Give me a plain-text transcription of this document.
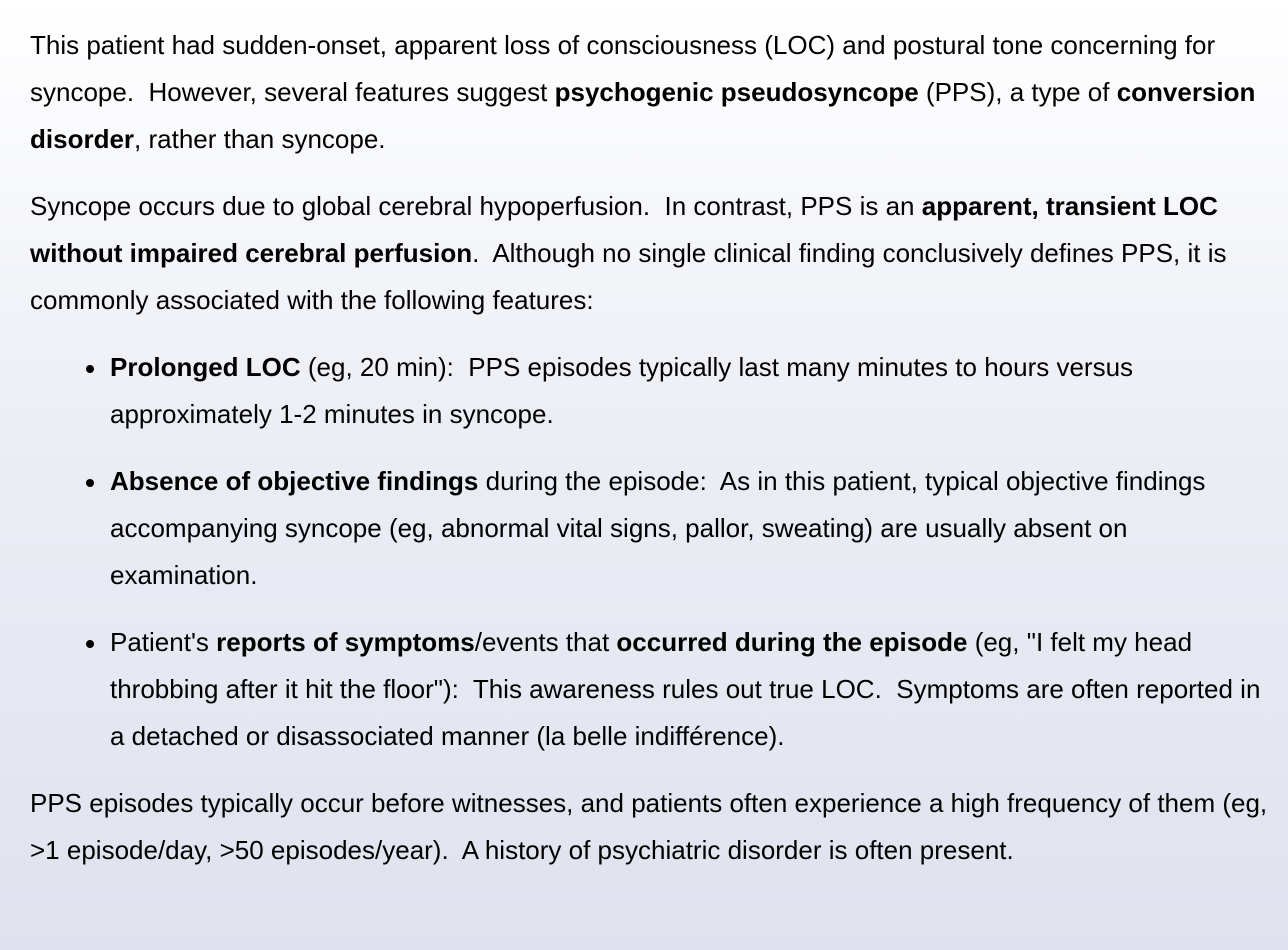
This patient had sudden-onset, apparent loss of consciousness (LOC) and postural tone concerning for syncope.  However, several features suggest psychogenic pseudosyncope (PPS), a type of conversion disorder, rather than syncope.

Syncope occurs due to global cerebral hypoperfusion.  In contrast, PPS is an apparent, transient LOC without impaired cerebral perfusion.  Although no single clinical finding conclusively defines PPS, it is commonly associated with the following features:

Prolonged LOC (eg, 20 min):  PPS episodes typically last many minutes to hours versus approximately 1-2 minutes in syncope.
Absence of objective findings during the episode:  As in this patient, typical objective findings accompanying syncope (eg, abnormal vital signs, pallor, sweating) are usually absent on examination.
Patient's reports of symptoms/events that occurred during the episode (eg, "I felt my head throbbing after it hit the floor"):  This awareness rules out true LOC.  Symptoms are often reported in a detached or disassociated manner (la belle indifférence).

PPS episodes typically occur before witnesses, and patients often experience a high frequency of them (eg, >1 episode/day, >50 episodes/year).  A history of psychiatric disorder is often present.
